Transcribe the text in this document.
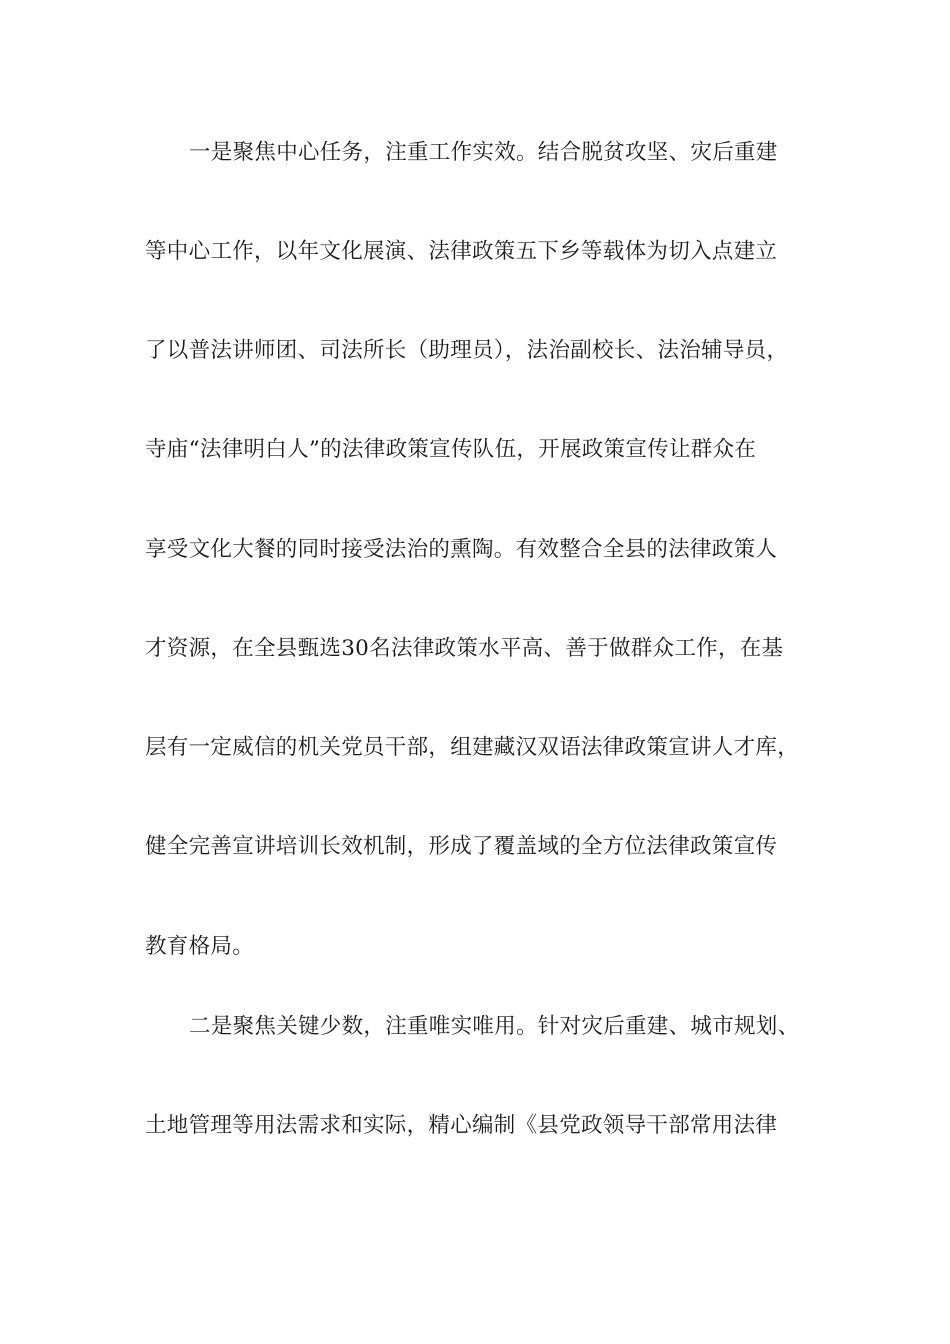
一是聚焦中心任务，注重工作实效。结合脱贫攻坚、灾后重建
等中心工作，以年文化展演、法律政策五下乡等载体为切入点建立
了以普法讲师团、司法所长（助理员），法治副校长、法治辅导员，
寺庙“法律明白人”的法律政策宣传队伍，开展政策宣传让群众在
享受文化大餐的同时接受法治的熏陶。有效整合全县的法律政策人
才资源，在全县甄选30名法律政策水平高、善于做群众工作，在基
层有一定威信的机关党员干部，组建藏汉双语法律政策宣讲人才库，
健全完善宣讲培训长效机制，形成了覆盖域的全方位法律政策宣传
教育格局。
二是聚焦关键少数，注重唯实唯用。针对灾后重建、城市规划、
土地管理等用法需求和实际，精心编制《县党政领导干部常用法律
